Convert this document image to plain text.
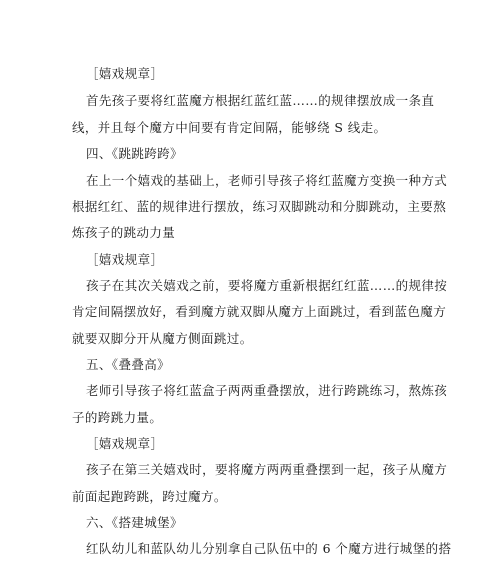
［嬉戏规章］
首先孩子要将红蓝魔方根据红蓝红蓝……的规律摆放成一条直
线，并且每个魔方中间要有肯定间隔，能够绕 S 线走。
四、《跳跳跨跨》
在上一个嬉戏的基础上，老师引导孩子将红蓝魔方变换一种方式
根据红红、蓝的规律进行摆放，练习双脚跳动和分脚跳动，主要熬
炼孩子的跳动力量
［嬉戏规章］
孩子在其次关嬉戏之前，要将魔方重新根据红红蓝……的规律按
肯定间隔摆放好，看到魔方就双脚从魔方上面跳过，看到蓝色魔方
就要双脚分开从魔方侧面跳过。
五、《叠叠高》
老师引导孩子将红蓝盒子两两重叠摆放，进行跨跳练习，熬炼孩
子的跨跳力量。
［嬉戏规章］
孩子在第三关嬉戏时，要将魔方两两重叠摆到一起，孩子从魔方
前面起跑跨跳，跨过魔方。
六、《搭建城堡》
红队幼儿和蓝队幼儿分别拿自己队伍中的 6 个魔方进行城堡的搭
